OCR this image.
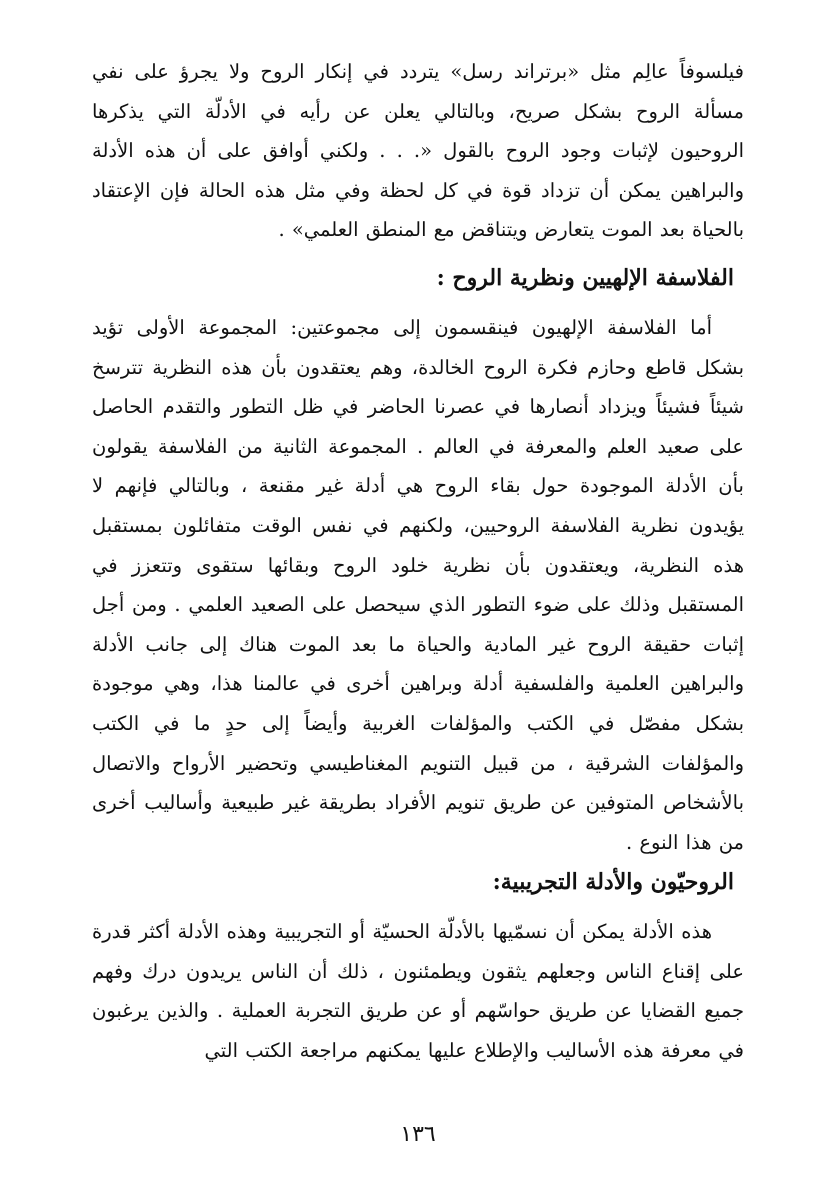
فيلسوفاً عالِم مثل «برتراند رسل» يتردد في إنكار الروح ولا يجرؤ على نفي مسألة الروح بشكل صريح، وبالتالي يعلن عن رأيه في الأدلّة التي يذكرها الروحيون لإثبات وجود الروح بالقول «. . . ولكني أوافق على أن هذه الأدلة والبراهين يمكن أن تزداد قوة في كل لحظة وفي مثل هذه الحالة فإن الإعتقاد بالحياة بعد الموت يتعارض ويتناقض مع المنطق العلمي» .

الفلاسفة الإلهيين ونظرية الروح :

أما الفلاسفة الإلهيون فينقسمون إلى مجموعتين: المجموعة الأولى تؤيد بشكل قاطع وحازم فكرة الروح الخالدة، وهم يعتقدون بأن هذه النظرية تترسخ شيئاً فشيئاً ويزداد أنصارها في عصرنا الحاضر في ظل التطور والتقدم الحاصل على صعيد العلم والمعرفة في العالم . المجموعة الثانية من الفلاسفة يقولون بأن الأدلة الموجودة حول بقاء الروح هي أدلة غير مقنعة ، وبالتالي فإنهم لا يؤيدون نظرية الفلاسفة الروحيين، ولكنهم في نفس الوقت متفائلون بمستقبل هذه النظرية، ويعتقدون بأن نظرية خلود الروح وبقائها ستقوى وتتعزز في المستقبل وذلك على ضوء التطور الذي سيحصل على الصعيد العلمي . ومن أجل إثبات حقيقة الروح غير المادية والحياة ما بعد الموت هناك إلى جانب الأدلة والبراهين العلمية والفلسفية أدلة وبراهين أخرى في عالمنا هذا، وهي موجودة بشكل مفصّل في الكتب والمؤلفات الغربية وأيضاً إلى حدٍ ما في الكتب والمؤلفات الشرقية ، من قبيل التنويم المغناطيسي وتحضير الأرواح والاتصال بالأشخاص المتوفين عن طريق تنويم الأفراد بطريقة غير طبيعية وأساليب أخرى من هذا النوع .

الروحيّون والأدلة التجريبية:

هذه الأدلة يمكن أن نسمّيها بالأدلّة الحسيّة أو التجريبية وهذه الأدلة أكثر قدرة على إقناع الناس وجعلهم يثقون ويطمئنون ، ذلك أن الناس يريدون درك وفهم جميع القضايا عن طريق حواسّهم أو عن طريق التجربة العملية . والذين يرغبون في معرفة هذه الأساليب والإطلاع عليها يمكنهم مراجعة الكتب التي

١٣٦
